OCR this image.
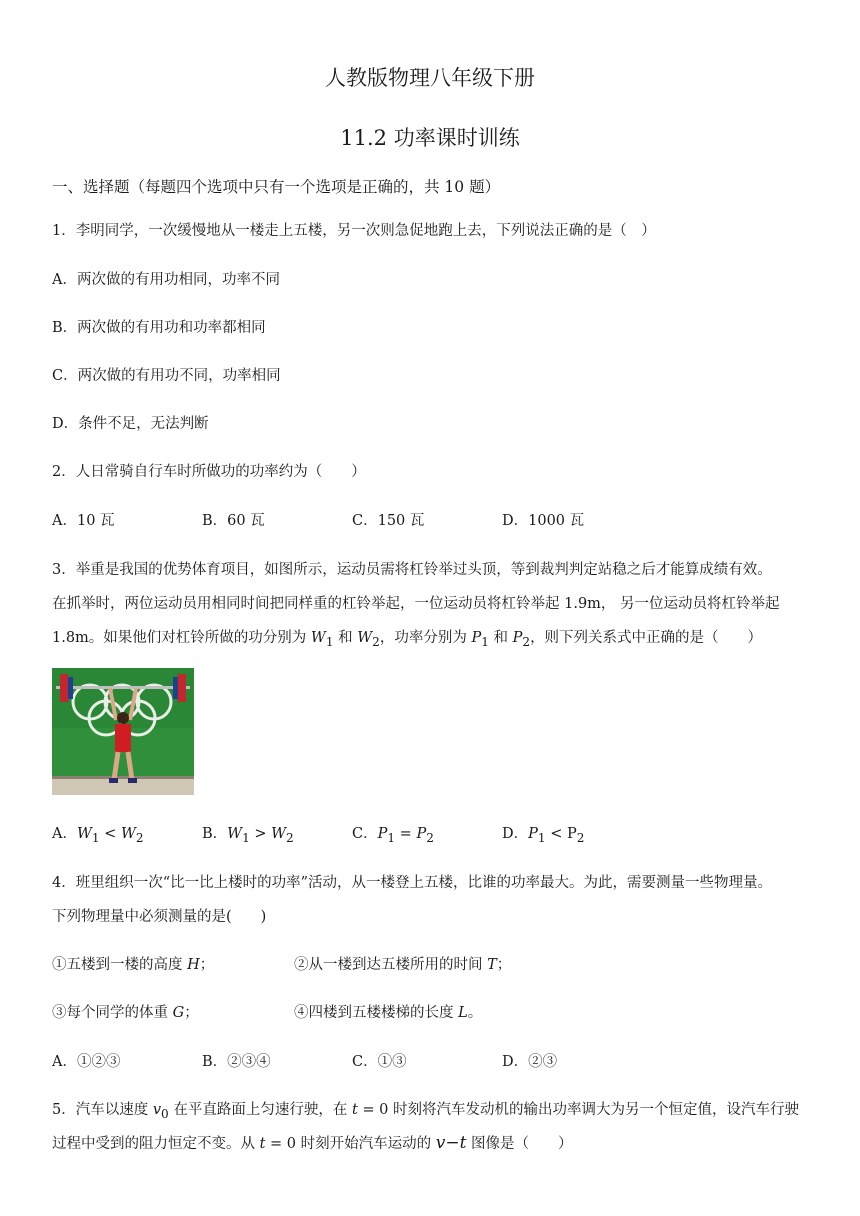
人教版物理八年级下册
11.2 功率课时训练
一、选择题（每题四个选项中只有一个选项是正确的，共 10 题）
1．李明同学，一次缓慢地从一楼走上五楼，另一次则急促地跑上去，下列说法正确的是（　）
A．两次做的有用功相同，功率不同
B．两次做的有用功和功率都相同
C．两次做的有用功不同，功率相同
D．条件不足，无法判断
2．人日常骑自行车时所做功的功率约为（　　）
A．10 瓦	B．60 瓦	C．150 瓦	D．1000 瓦
3．举重是我国的优势体育项目，如图所示，运动员需将杠铃举过头顶，等到裁判判定站稳之后才能算成绩有效。
在抓举时，两位运动员用相同时间把同样重的杠铃举起，一位运动员将杠铃举起 1.9m， 另一位运动员将杠铃举起
1.8m。如果他们对杠铃所做的功分别为 $W_1$ 和 $W_2$，功率分别为 $P_1$ 和 $P_2$，则下列关系式中正确的是（　　）
A．$W_1 < W_2$	B．$W_1 > W_2$	C．$P_1 = P_2$	D．$P_1 < P_2$
4．班里组织一次“比一比上楼时的功率”活动，从一楼登上五楼，比谁的功率最大。为此，需要测量一些物理量。
下列物理量中必须测量的是(　　)
①五楼到一楼的高度 H；	②从一楼到达五楼所用的时间 T；
③每个同学的体重 G；	④四楼到五楼楼梯的长度 L。
A．①②③	B．②③④	C．①③	D．②③
5．汽车以速度 $v_0$ 在平直路面上匀速行驶，在 t = 0 时刻将汽车发动机的输出功率调大为另一个恒定值，设汽车行驶
过程中受到的阻力恒定不变。从 t = 0 时刻开始汽车运动的 v−t 图像是（　　）
